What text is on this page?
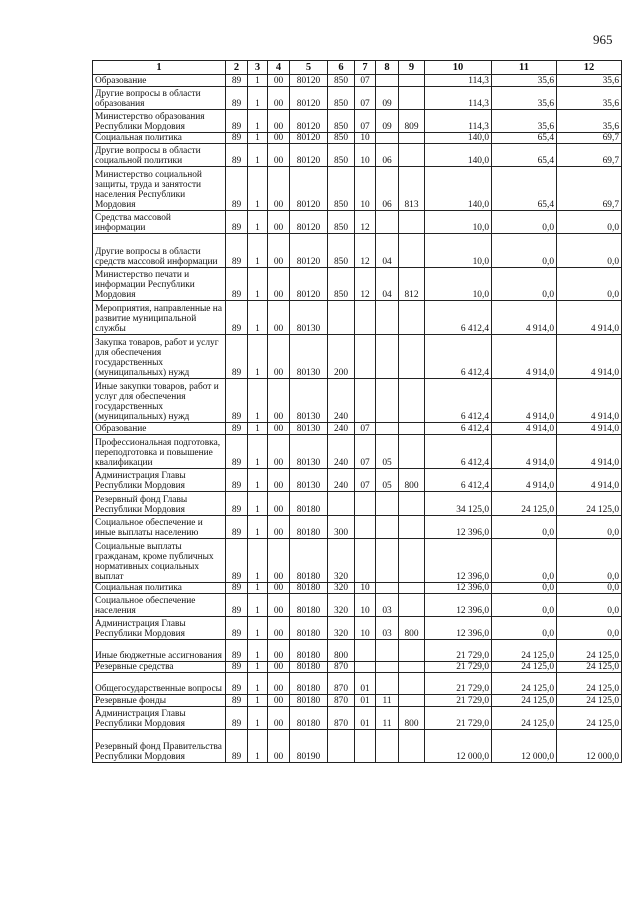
965
1	2	3	4	5	6	7	8	9	10	11	12
Образование	89	1	00	80120	850	07			114,3	35,6	35,6
Другие вопросы в области образования	89	1	00	80120	850	07	09		114,3	35,6	35,6
Министерство образования Республики Мордовия	89	1	00	80120	850	07	09	809	114,3	35,6	35,6
Социальная политика	89	1	00	80120	850	10			140,0	65,4	69,7
Другие вопросы в области социальной политики	89	1	00	80120	850	10	06		140,0	65,4	69,7
Министерство социальной защиты, труда и занятости населения Республики Мордовия	89	1	00	80120	850	10	06	813	140,0	65,4	69,7
Средства массовой информации	89	1	00	80120	850	12			10,0	0,0	0,0
Другие вопросы в области средств массовой информации	89	1	00	80120	850	12	04		10,0	0,0	0,0
Министерство печати и информации Республики Мордовия	89	1	00	80120	850	12	04	812	10,0	0,0	0,0
Мероприятия, направленные на развитие муниципальной службы	89	1	00	80130					6 412,4	4 914,0	4 914,0
Закупка товаров, работ и услуг для обеспечения государственных (муниципальных) нужд	89	1	00	80130	200				6 412,4	4 914,0	4 914,0
Иные закупки товаров, работ и услуг для обеспечения государственных (муниципальных) нужд	89	1	00	80130	240				6 412,4	4 914,0	4 914,0
Образование	89	1	00	80130	240	07			6 412,4	4 914,0	4 914,0
Профессиональная подготовка, переподготовка и повышение квалификации	89	1	00	80130	240	07	05		6 412,4	4 914,0	4 914,0
Администрация Главы Республики Мордовия	89	1	00	80130	240	07	05	800	6 412,4	4 914,0	4 914,0
Резервный фонд Главы Республики Мордовия	89	1	00	80180					34 125,0	24 125,0	24 125,0
Социальное обеспечение и иные выплаты населению	89	1	00	80180	300				12 396,0	0,0	0,0
Социальные выплаты гражданам, кроме публичных нормативных социальных выплат	89	1	00	80180	320				12 396,0	0,0	0,0
Социальная политика	89	1	00	80180	320	10			12 396,0	0,0	0,0
Социальное обеспечение населения	89	1	00	80180	320	10	03		12 396,0	0,0	0,0
Администрация Главы Республики Мордовия	89	1	00	80180	320	10	03	800	12 396,0	0,0	0,0
Иные бюджетные ассигнования	89	1	00	80180	800				21 729,0	24 125,0	24 125,0
Резервные средства	89	1	00	80180	870				21 729,0	24 125,0	24 125,0
Общегосударственные вопросы	89	1	00	80180	870	01			21 729,0	24 125,0	24 125,0
Резервные фонды	89	1	00	80180	870	01	11		21 729,0	24 125,0	24 125,0
Администрация Главы Республики Мордовия	89	1	00	80180	870	01	11	800	21 729,0	24 125,0	24 125,0
Резервный фонд Правительства Республики Мордовия	89	1	00	80190					12 000,0	12 000,0	12 000,0
